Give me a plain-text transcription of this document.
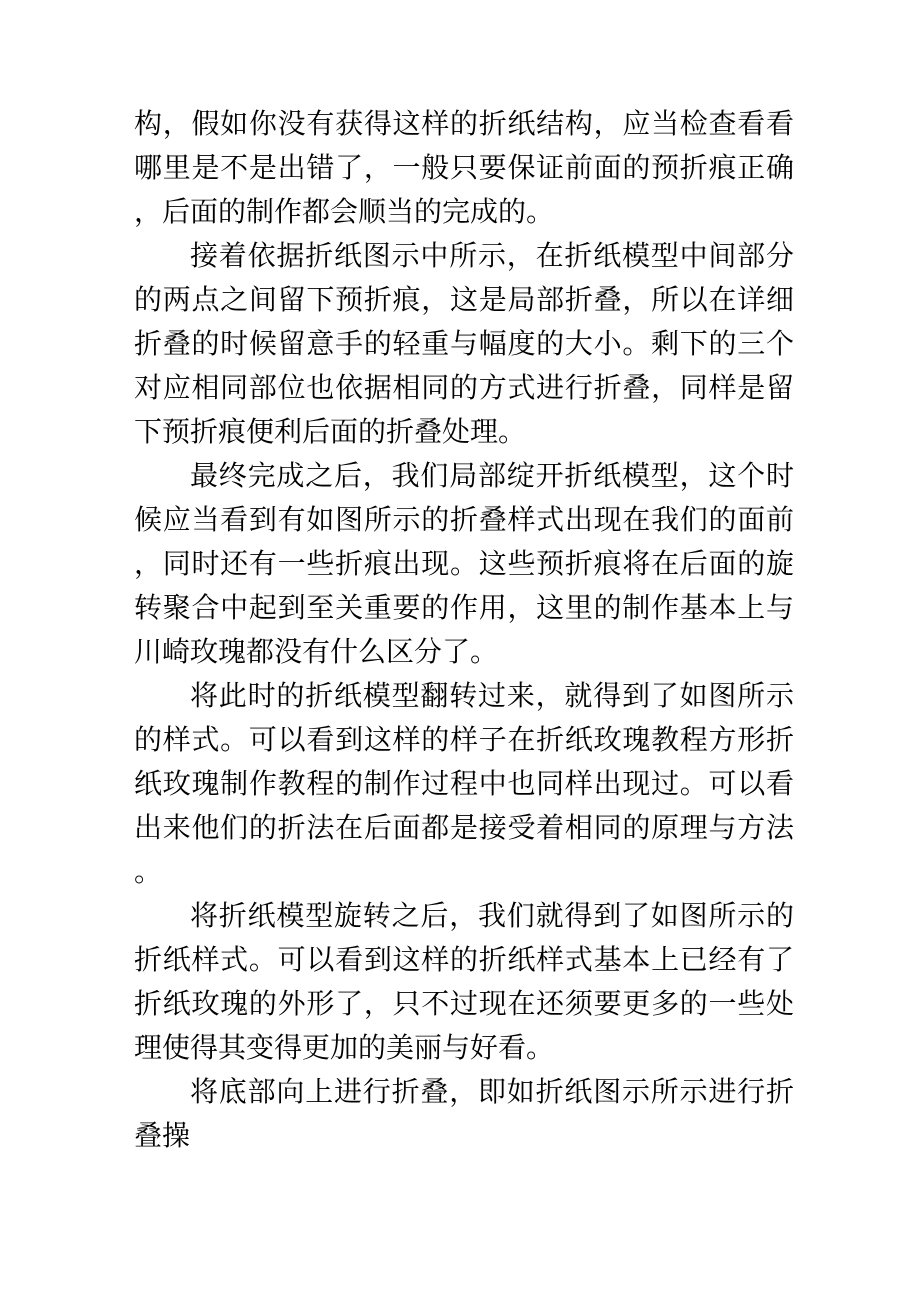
构，假如你没有获得这样的折纸结构，应当检查看看哪里是不是出错了，一般只要保证前面的预折痕正确，后面的制作都会顺当的完成的。

接着依据折纸图示中所示，在折纸模型中间部分的两点之间留下预折痕，这是局部折叠，所以在详细折叠的时候留意手的轻重与幅度的大小。剩下的三个对应相同部位也依据相同的方式进行折叠，同样是留下预折痕便利后面的折叠处理。

最终完成之后，我们局部绽开折纸模型，这个时候应当看到有如图所示的折叠样式出现在我们的面前，同时还有一些折痕出现。这些预折痕将在后面的旋转聚合中起到至关重要的作用，这里的制作基本上与川崎玫瑰都没有什么区分了。

将此时的折纸模型翻转过来，就得到了如图所示的样式。可以看到这样的样子在折纸玫瑰教程方形折纸玫瑰制作教程的制作过程中也同样出现过。可以看出来他们的折法在后面都是接受着相同的原理与方法。

将折纸模型旋转之后，我们就得到了如图所示的折纸样式。可以看到这样的折纸样式基本上已经有了折纸玫瑰的外形了，只不过现在还须要更多的一些处理使得其变得更加的美丽与好看。

将底部向上进行折叠，即如折纸图示所示进行折叠操
